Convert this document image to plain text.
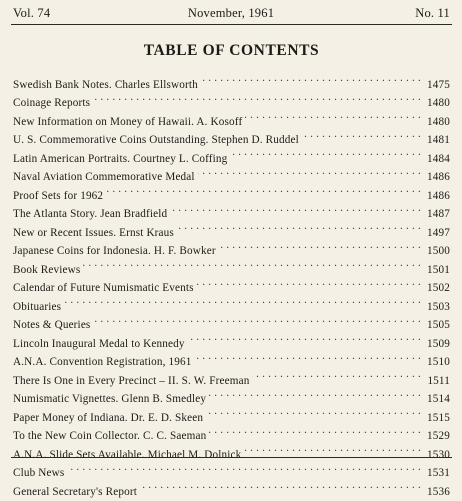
Vol. 74	November, 1961	No. 11
TABLE OF CONTENTS
Swedish Bank Notes. Charles Ellsworth . . .	1475
Coinage Reports . . .	1480
New Information on Money of Hawaii. A. Kosoff . . .	1480
U. S. Commemorative Coins Outstanding. Stephen D. Ruddel . . .	1481
Latin American Portraits. Courtney L. Coffing . . .	1484
Naval Aviation Commemorative Medal . . .	1486
Proof Sets for 1962 . . .	1486
The Atlanta Story. Jean Bradfield . . .	1487
New or Recent Issues. Ernst Kraus . . .	1497
Japanese Coins for Indonesia. H. F. Bowker . . .	1500
Book Reviews . . .	1501
Calendar of Future Numismatic Events . . .	1502
Obituaries . . .	1503
Notes & Queries . . .	1505
Lincoln Inaugural Medal to Kennedy . . .	1509
A.N.A. Convention Registration, 1961 . . .	1510
There Is One in Every Precinct – II. S. W. Freeman . . .	1511
Numismatic Vignettes. Glenn B. Smedley . . .	1514
Paper Money of Indiana. Dr. E. D. Skeen . . .	1515
To the New Coin Collector. C. C. Saeman . . .	1529
A.N.A. Slide Sets Available. Michael M. Dolnick . . .	1530
Club News . . .	1531
General Secretary's Report . . .	1536
